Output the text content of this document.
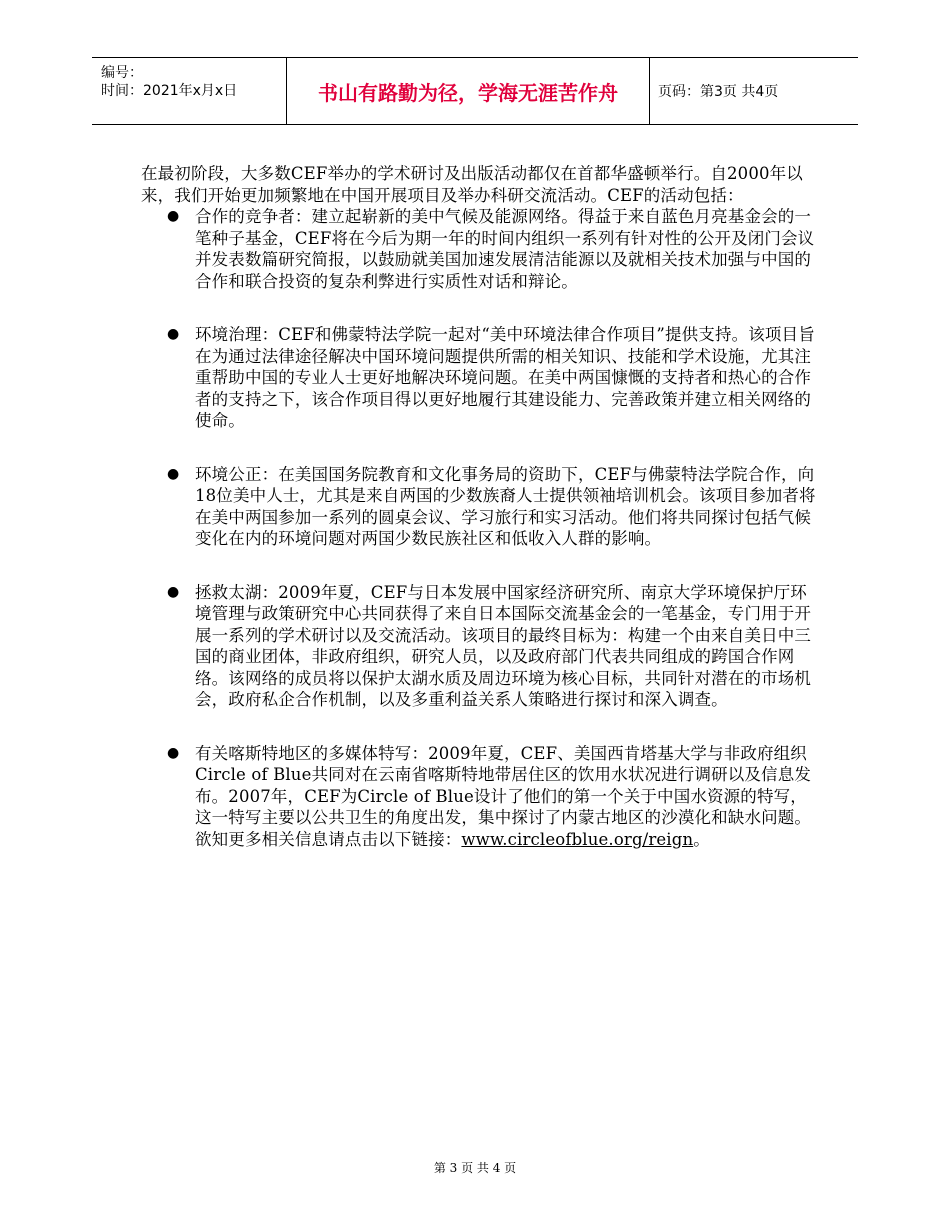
编号：
时间：2021年x月x日	书山有路勤为径，学海无涯苦作舟	页码：第3页 共4页

在最初阶段，大多数CEF举办的学术研讨及出版活动都仅在首都华盛顿举行。自2000年以来，我们开始更加频繁地在中国开展项目及举办科研交流活动。CEF的活动包括：

● 合作的竞争者：建立起崭新的美中气候及能源网络。得益于来自蓝色月亮基金会的一笔种子基金，CEF将在今后为期一年的时间内组织一系列有针对性的公开及闭门会议并发表数篇研究简报，以鼓励就美国加速发展清洁能源以及就相关技术加强与中国的合作和联合投资的复杂利弊进行实质性对话和辩论。
● 环境治理：CEF和佛蒙特法学院一起对“美中环境法律合作项目”提供支持。该项目旨在为通过法律途径解决中国环境问题提供所需的相关知识、技能和学术设施，尤其注重帮助中国的专业人士更好地解决环境问题。在美中两国慷慨的支持者和热心的合作者的支持之下，该合作项目得以更好地履行其建设能力、完善政策并建立相关网络的使命。
● 环境公正：在美国国务院教育和文化事务局的资助下，CEF与佛蒙特法学院合作，向18位美中人士，尤其是来自两国的少数族裔人士提供领袖培训机会。该项目参加者将在美中两国参加一系列的圆桌会议、学习旅行和实习活动。他们将共同探讨包括气候变化在内的环境问题对两国少数民族社区和低收入人群的影响。
● 拯救太湖：2009年夏，CEF与日本发展中国家经济研究所、南京大学环境保护厅环境管理与政策研究中心共同获得了来自日本国际交流基金会的一笔基金，专门用于开展一系列的学术研讨以及交流活动。该项目的最终目标为：构建一个由来自美日中三国的商业团体，非政府组织，研究人员，以及政府部门代表共同组成的跨国合作网络。该网络的成员将以保护太湖水质及周边环境为核心目标，共同针对潜在的市场机会，政府私企合作机制，以及多重利益关系人策略进行探讨和深入调查。
● 有关喀斯特地区的多媒体特写：2009年夏，CEF、美国西肯塔基大学与非政府组织Circle of Blue共同对在云南省喀斯特地带居住区的饮用水状况进行调研以及信息发布。2007年，CEF为Circle of Blue设计了他们的第一个关于中国水资源的特写，这一特写主要以公共卫生的角度出发，集中探讨了内蒙古地区的沙漠化和缺水问题。欲知更多相关信息请点击以下链接：www.circleofblue.org/reign。
第 3 页 共 4 页
